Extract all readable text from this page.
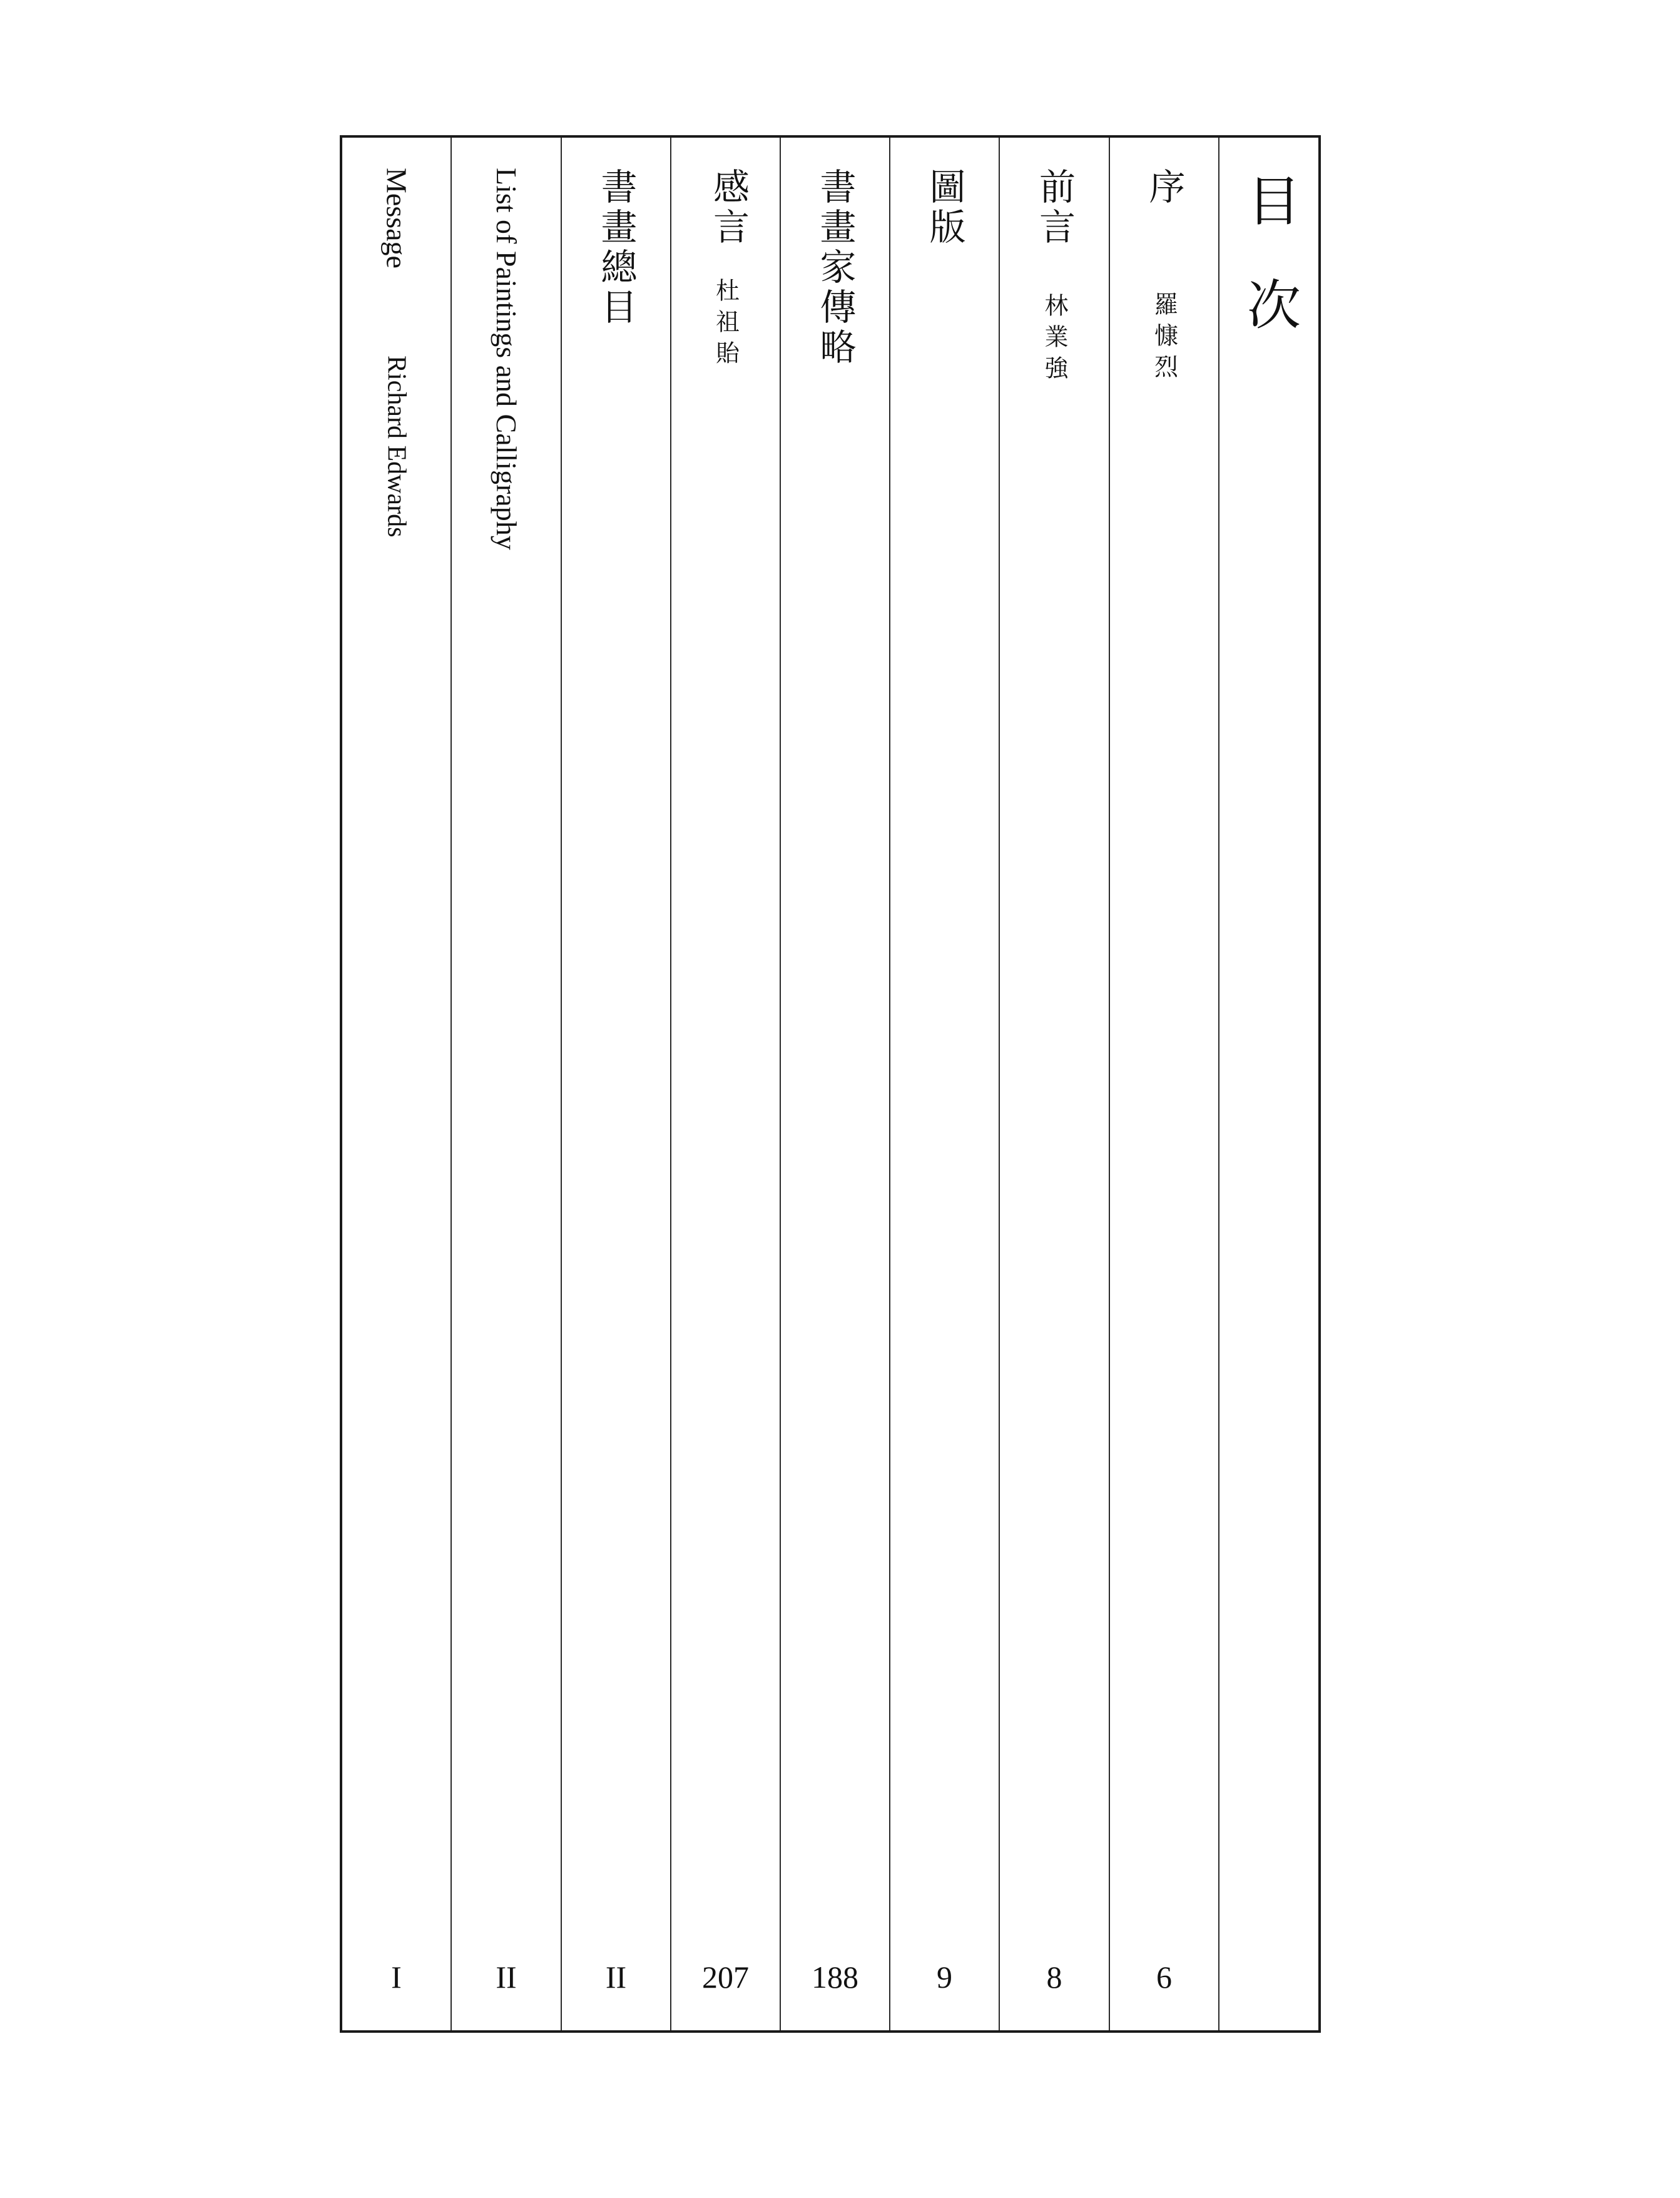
Message
Richard Edwards
I
List of Paintings and Calligraphy
II
書畫總目
II
感言
杜祖貽
207
書畫家傳略
188
圖版
9
前言
林業強
8
序
羅慷烈
6
目次
